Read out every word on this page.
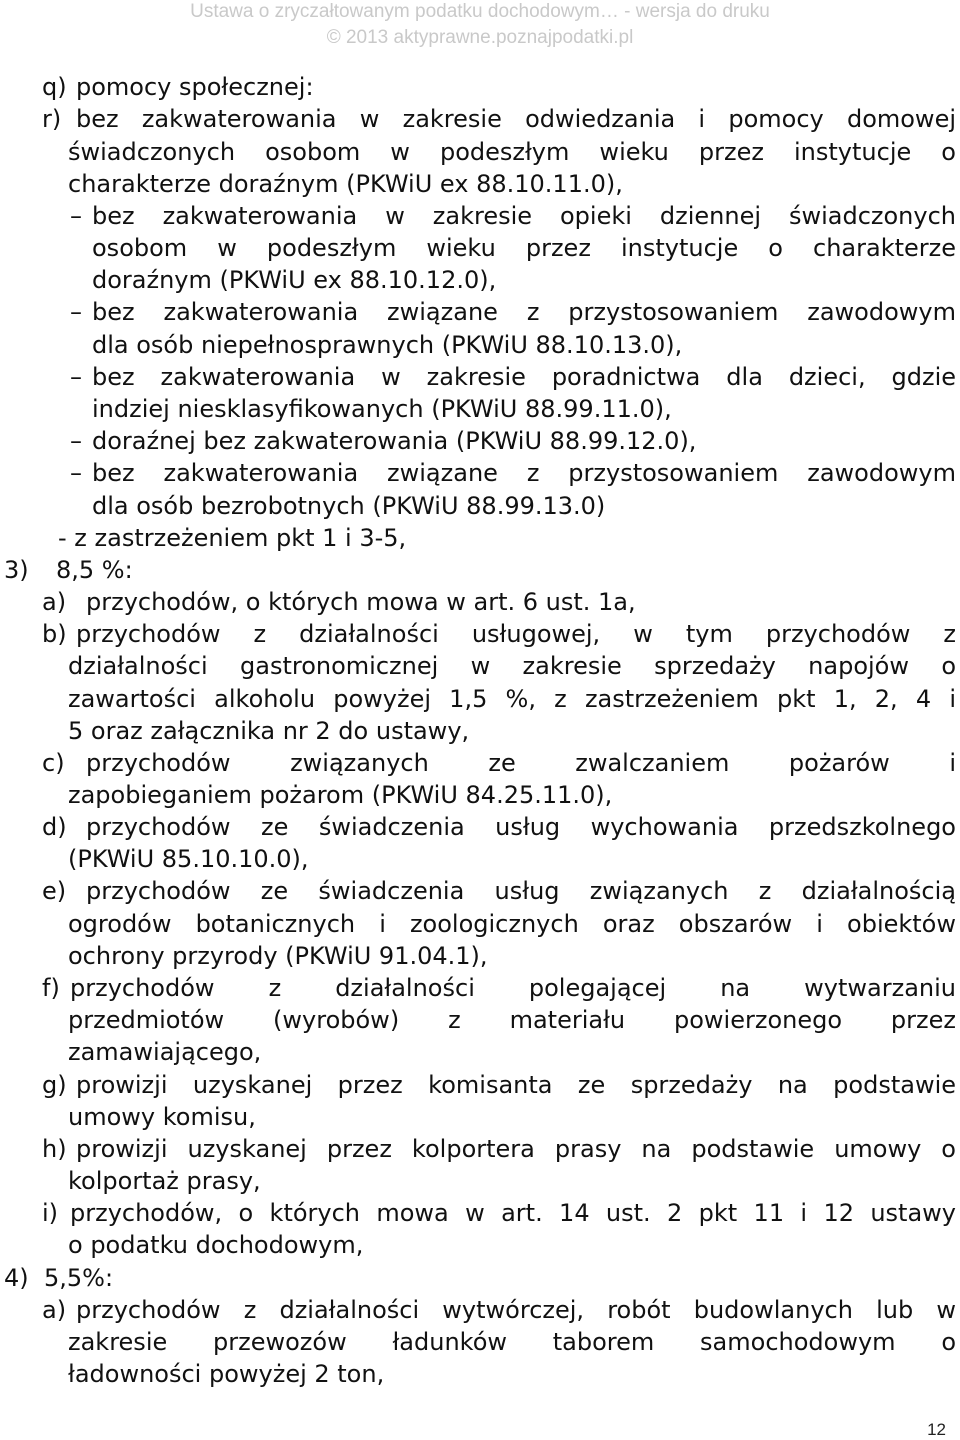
Ustawa o zryczałtowanym podatku dochodowym… - wersja do druku
© 2013 aktyprawne.poznajpodatki.pl
q)
r)
–
–
–
–
–
3)
a)
b)
c)
d)
e)
f)
g)
h)
i)
4)
a)
pomocy społecznej:
bez zakwaterowania w zakresie odwiedzania i pomocy domowej
świadczonych osobom w podeszłym wieku przez instytucje o
charakterze doraźnym (PKWiU ex 88.10.11.0),
bez zakwaterowania w zakresie opieki dziennej świadczonych
osobom w podeszłym wieku przez instytucje o charakterze
doraźnym (PKWiU ex 88.10.12.0),
bez zakwaterowania związane z przystosowaniem zawodowym
dla osób niepełnosprawnych (PKWiU 88.10.13.0),
bez zakwaterowania w zakresie poradnictwa dla dzieci, gdzie
indziej niesklasyfikowanych (PKWiU 88.99.11.0),
doraźnej bez zakwaterowania (PKWiU 88.99.12.0),
bez zakwaterowania związane z przystosowaniem zawodowym
dla osób bezrobotnych (PKWiU 88.99.13.0)
- z zastrzeżeniem pkt 1 i 3-5,
8,5 %:
przychodów, o których mowa w art. 6 ust. 1a,
przychodów z działalności usługowej, w tym przychodów z
działalności gastronomicznej w zakresie sprzedaży napojów o
zawartości alkoholu powyżej 1,5 %, z zastrzeżeniem pkt 1, 2, 4 i
5 oraz załącznika nr 2 do ustawy,
przychodów związanych ze zwalczaniem pożarów i
zapobieganiem pożarom (PKWiU 84.25.11.0),
przychodów ze świadczenia usług wychowania przedszkolnego
(PKWiU 85.10.10.0),
przychodów ze świadczenia usług związanych z działalnością
ogrodów botanicznych i zoologicznych oraz obszarów i obiektów
ochrony przyrody (PKWiU 91.04.1),
przychodów z działalności polegającej na wytwarzaniu
przedmiotów (wyrobów) z materiału powierzonego przez
zamawiającego,
prowizji uzyskanej przez komisanta ze sprzedaży na podstawie
umowy komisu,
prowizji uzyskanej przez kolportera prasy na podstawie umowy o
kolportaż prasy,
przychodów, o których mowa w art. 14 ust. 2 pkt 11 i 12 ustawy
o podatku dochodowym,
5,5%:
przychodów z działalności wytwórczej, robót budowlanych lub w
zakresie przewozów ładunków taborem samochodowym o
ładowności powyżej 2 ton,
12
